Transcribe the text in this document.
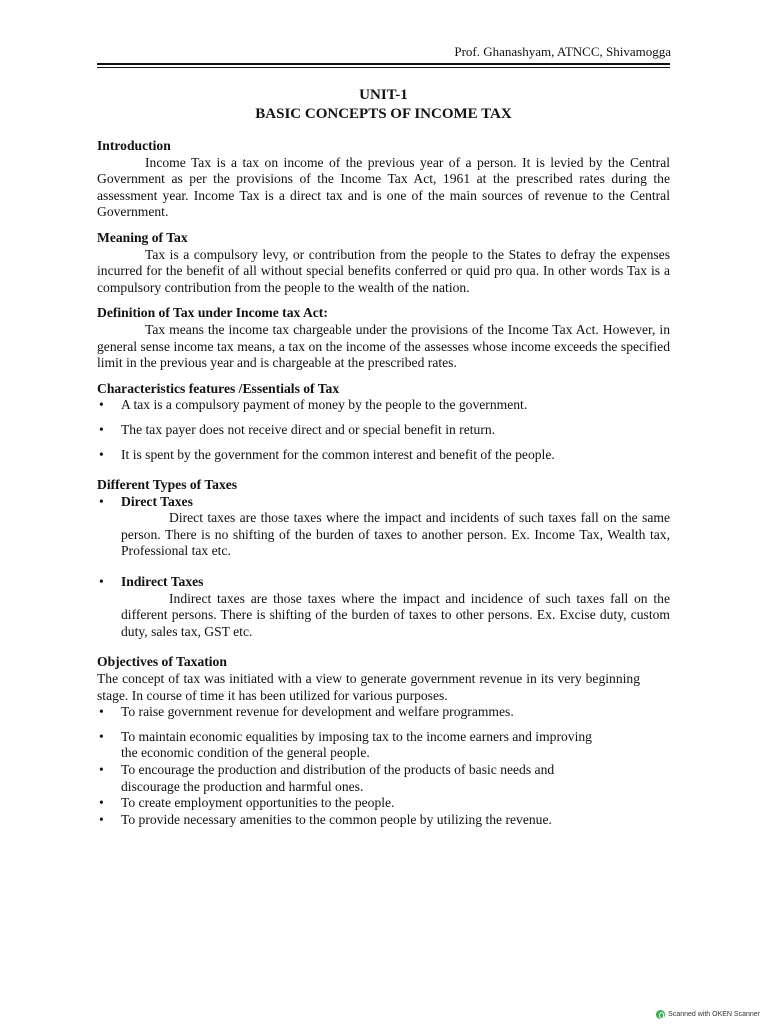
Prof. Ghanashyam, ATNCC, Shivamogga

UNIT-1

BASIC CONCEPTS OF INCOME TAX

Introduction

Income Tax is a tax on income of the previous year of a person. It is levied by the Central Government as per the provisions of the Income Tax Act, 1961 at the prescribed rates during the assessment year. Income Tax is a direct tax and is one of the main sources of revenue to the Central Government.

Meaning of Tax

Tax is a compulsory levy, or contribution from the people to the States to defray the expenses incurred for the benefit of all without special benefits conferred or quid pro qua. In other words Tax is a compulsory contribution from the people to the wealth of the nation.

Definition of Tax under Income tax Act:

Tax means the income tax chargeable under the provisions of the Income Tax Act. However, in general sense income tax means, a tax on the income of the assesses whose income exceeds the specified limit in the previous year and is chargeable at the prescribed rates.

Characteristics features /Essentials of Tax

• A tax is a compulsory payment of money by the people to the government.
• The tax payer does not receive direct and or special benefit in return.
• It is spent by the government for the common interest and benefit of the people.

Different Types of Taxes

• Direct Taxes

Direct taxes are those taxes where the impact and incidents of such taxes fall on the same person. There is no shifting of the burden of taxes to another person. Ex. Income Tax, Wealth tax, Professional tax etc.

• Indirect Taxes

Indirect taxes are those taxes where the impact and incidence of such taxes fall on the different persons. There is shifting of the burden of taxes to other persons. Ex. Excise duty, custom duty, sales tax, GST etc.

Objectives of Taxation

The concept of tax was initiated with a view to generate government revenue in its very beginning stage. In course of time it has been utilized for various purposes.

• To raise government revenue for development and welfare programmes.
• To maintain economic equalities by imposing tax to the income earners and improving the economic condition of the general people.
• To encourage the production and distribution of the products of basic needs and discourage the production and harmful ones.
• To create employment opportunities to the people.
• To provide necessary amenities to the common people by utilizing the revenue.
Scanned with OKEN Scanner
